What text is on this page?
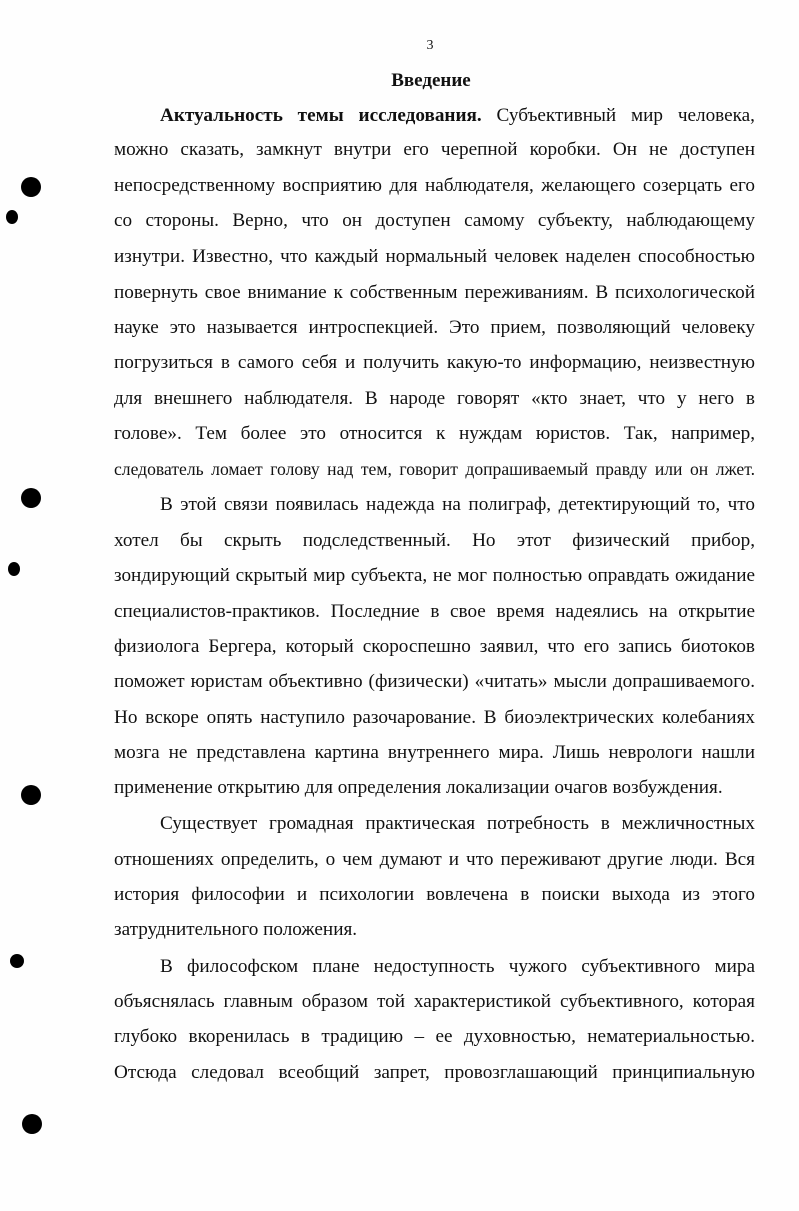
3
Введение
Актуальность темы исследования. Субъективный мир человека,
можно сказать, замкнут внутри его черепной коробки. Он не доступен
непосредственному восприятию для наблюдателя, желающего созерцать его
со стороны. Верно, что он доступен самому субъекту, наблюдающему
изнутри. Известно, что каждый нормальный человек наделен способностью
повернуть свое внимание к собственным переживаниям. В психологической
науке это называется интроспекцией. Это прием, позволяющий человеку
погрузиться в самого себя и получить какую-то информацию, неизвестную
для внешнего наблюдателя. В народе говорят «кто знает, что у него в
голове». Тем более это относится к нуждам юристов. Так, например,
следователь ломает голову над тем, говорит допрашиваемый правду или он лжет.
В этой связи появилась надежда на полиграф, детектирующий то, что
хотел бы скрыть подследственный. Но этот физический прибор,
зондирующий скрытый мир субъекта, не мог полностью оправдать ожидание
специалистов-практиков. Последние в свое время надеялись на открытие
физиолога Бергера, который скороспешно заявил, что его запись биотоков
поможет юристам объективно (физически) «читать» мысли допрашиваемого.
Но вскоре опять наступило разочарование. В биоэлектрических колебаниях
мозга не представлена картина внутреннего мира. Лишь неврологи нашли
применение открытию для определения локализации очагов возбуждения.
Существует громадная практическая потребность в межличностных
отношениях определить, о чем думают и что переживают другие люди. Вся
история философии и психологии вовлечена в поиски выхода из этого
затруднительного положения.
В философском плане недоступность чужого субъективного мира
объяснялась главным образом той характеристикой субъективного, которая
глубоко вкоренилась в традицию – ее духовностью, нематериальностью.
Отсюда следовал всеобщий запрет, провозглашающий принципиальную
